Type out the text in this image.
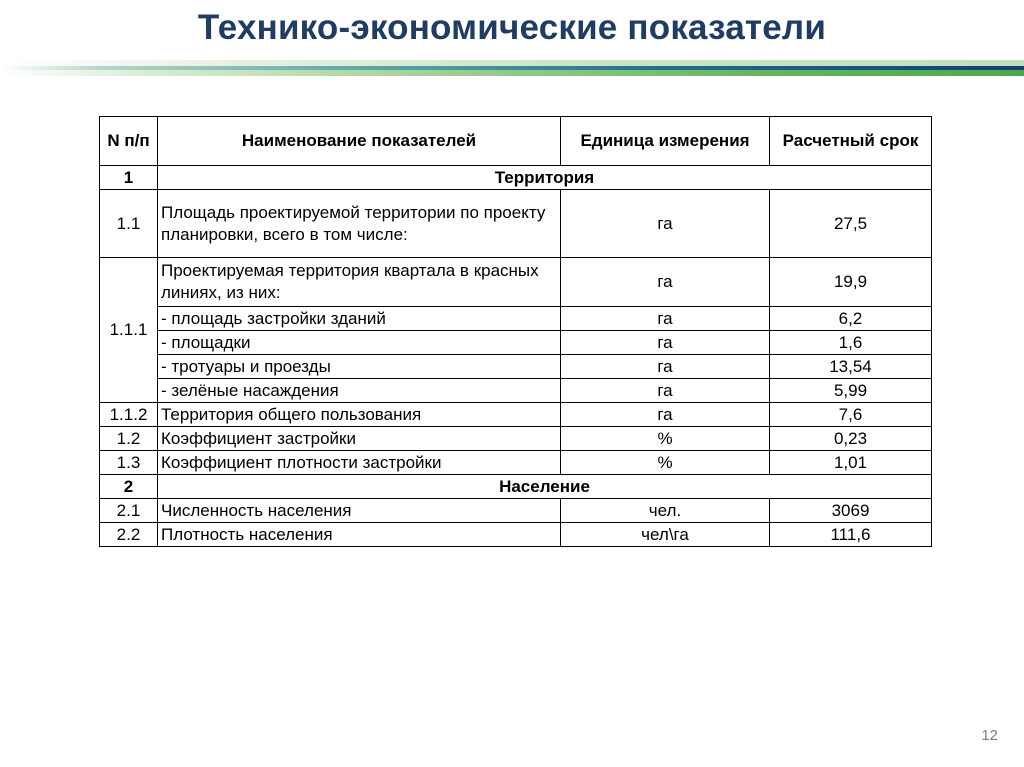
Технико-экономические показатели
N п/п	Наименование показателей	Единица измерения	Расчетный срок
1	Территория		
1.1	Площадь проектируемой территории по проекту планировки, всего в том числе:	га	27,5
1.1.1	Проектируемая территория квартала в красных линиях, из них:	га	19,9
	- площадь застройки зданий	га	6,2
	- площадки	га	1,6
	- тротуары и проезды	га	13,54
	- зелёные насаждения	га	5,99
1.1.2	Территория общего пользования	га	7,6
1.2	Коэффициент застройки	%	0,23
1.3	Коэффициент плотности застройки	%	1,01
2	Население		
2.1	Численность населения	чел.	3069
2.2	Плотность населения	чел\га	111,6
12
